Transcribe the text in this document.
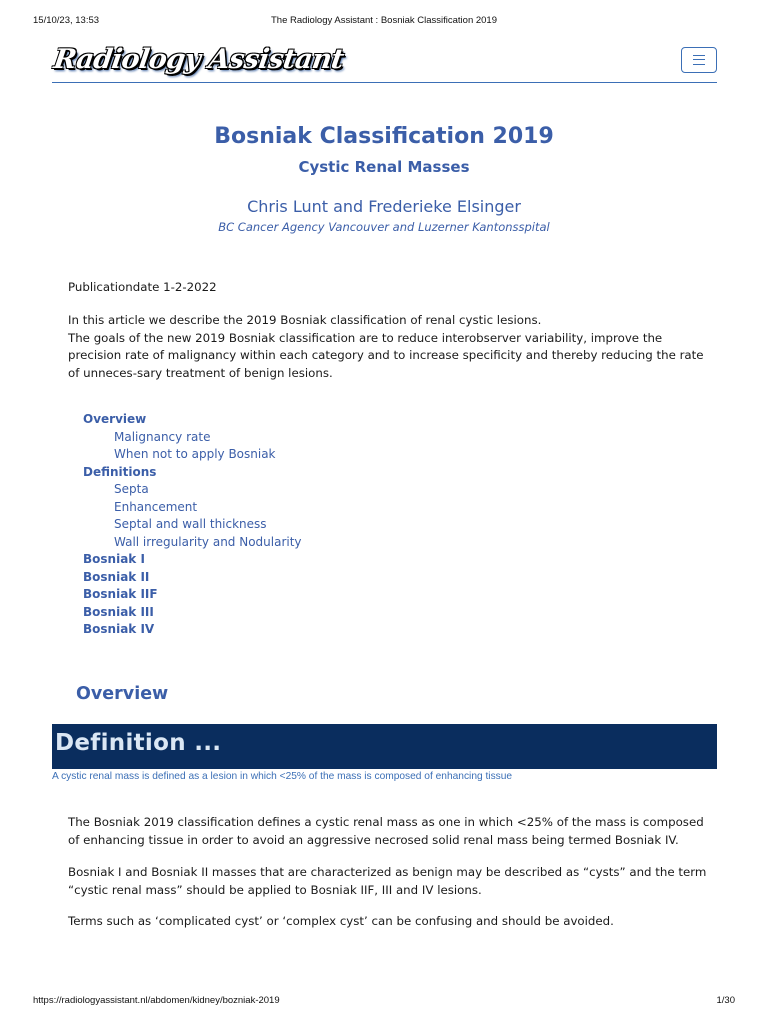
15/10/23, 13:53	The Radiology Assistant : Bosniak Classification 2019
Radiology Assistant
Bosniak Classification 2019
Cystic Renal Masses
Chris Lunt and Frederieke Elsinger
BC Cancer Agency Vancouver and Luzerner Kantonsspital

Publicationdate 1-2-2022

In this article we describe the 2019 Bosniak classification of renal cystic lesions.

The goals of the new 2019 Bosniak classification are to reduce interobserver variability, improve the precision rate of malignancy within each category and to increase specificity and thereby reducing the rate of unneces-sary treatment of benign lesions.

Overview
Malignancy rate
When not to apply Bosniak
Definitions
Septa
Enhancement
Septal and wall thickness
Wall irregularity and Nodularity
Bosniak I
Bosniak II
Bosniak IIF
Bosniak III
Bosniak IV
Overview
Definition ...
A cystic renal mass is defined as a lesion in which <25% of the mass is composed of enhancing tissue

The Bosniak 2019 classification defines a cystic renal mass as one in which <25% of the mass is composed of enhancing tissue in order to avoid an aggressive necrosed solid renal mass being termed Bosniak IV.

Bosniak I and Bosniak II masses that are characterized as benign may be described as “cysts” and the term “cystic renal mass” should be applied to Bosniak IIF, III and IV lesions.

Terms such as ‘complicated cyst’ or ‘complex cyst’ can be confusing and should be avoided.

https://radiologyassistant.nl/abdomen/kidney/bozniak-2019	1/30
